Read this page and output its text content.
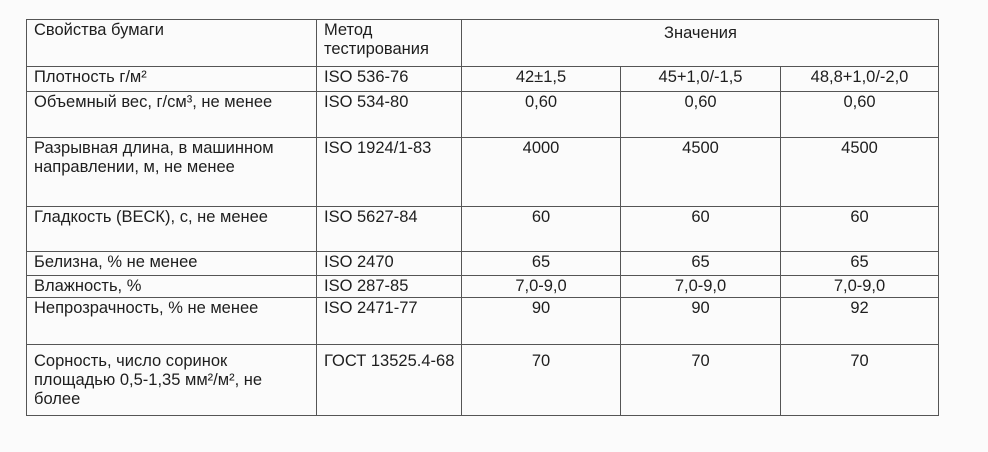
Свойства бумаги	Метод тестирования	Значения		
Плотность г/м²	ISO 536-76	42±1,5	45+1,0/-1,5	48,8+1,0/-2,0
Объемный вес, г/см³, не менее	ISO 534-80	0,60	0,60	0,60
Разрывная длина, в машинном направлении, м, не менее	ISO 1924/1-83	4000	4500	4500
Гладкость (ВЕСК), с, не менее	ISO 5627-84	60	60	60
Белизна, % не менее	ISO 2470	65	65	65
Влажность, %	ISO 287-85	7,0-9,0	7,0-9,0	7,0-9,0
Непрозрачность, % не менее	ISO 2471-77	90	90	92
Сорность, число соринок площадью 0,5-1,35 мм²/м², не более	ГОСТ 13525.4-68	70	70	70
